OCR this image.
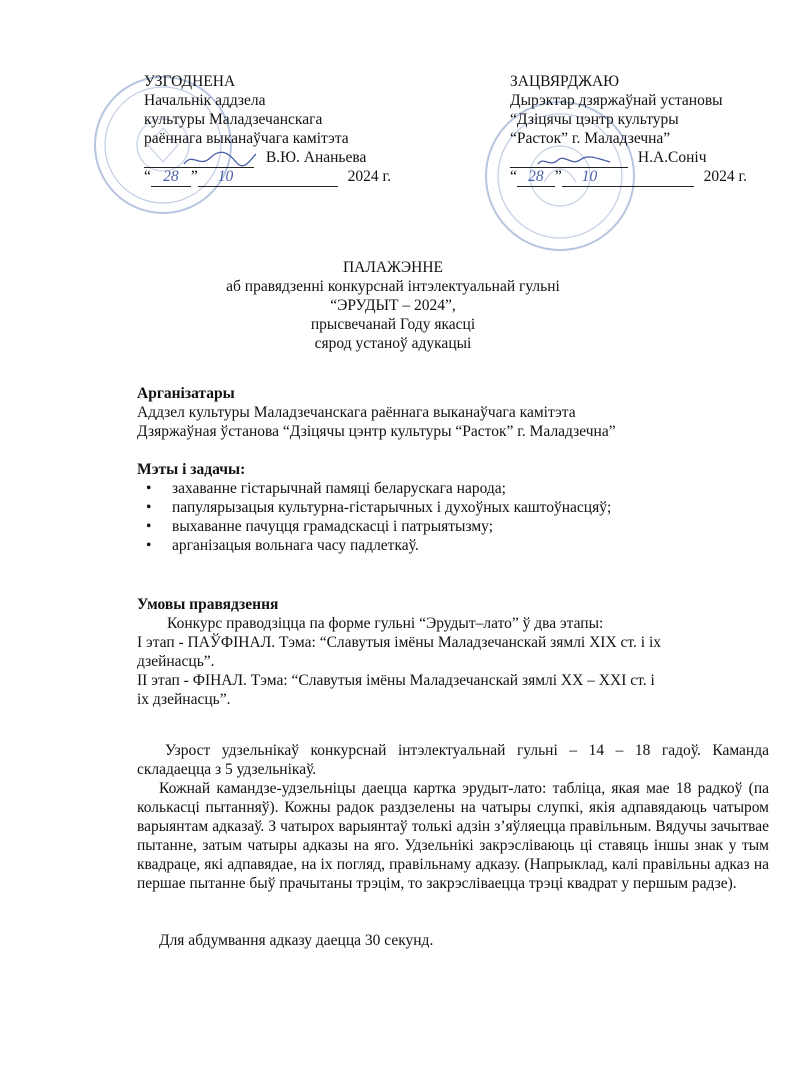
УЗГОДНЕНА
Начальнік аддзела
культуры Маладзечанскага
раённага выканаўчага камітэта
В.Ю. Ананьева
“ 28 ” 10	2024 г.
ЗАЦВЯРДЖАЮ
Дырэктар дзяржаўнай установы
“Дзіцячы цэнтр культуры
“Расток” г. Маладзечна”
Н.А.Соніч
“ 28 ” 10	2024 г.
ПАЛАЖЭННЕ
аб правядзенні конкурснай інтэлектуальнай гульні
“ЭРУДЫТ – 2024”,
прысвечанай Году якасці
сярод устаноў адукацыі
Арганізатары
Аддзел культуры Маладзечанскага раённага выканаўчага камітэта
Дзяржаўная ўстанова “Дзіцячы цэнтр культуры “Расток” г. Маладзечна”
Мэты і задачы:
• захаванне гістарычнай памяці беларускага народа;
• папулярызацыя культурна-гістарычных і духоўных каштоўнасцяў;
• выхаванне пачуцця грамадскасці і патрыятызму;
• арганізацыя вольнага часу падлеткаў.
Умовы правядзення
Конкурс праводзіцца па форме гульні “Эрудыт–лато” ў два этапы:
I этап - ПАЎФІНАЛ. Тэма: “Славутыя імёны Маладзечанскай зямлі ХІХ ст. і іх
дзейнасць”.
II этап - ФІНАЛ. Тэма: “Славутыя імёны Маладзечанскай зямлі ХХ – ХХІ ст. і
іх дзейнасць”.
Узрост удзельнікаў конкурснай інтэлектуальнай гульні – 14 – 18 гадоў. Каманда складаецца з 5 удзельнікаў.
Кожнай камандзе-удзельніцы даецца картка эрудыт-лато: табліца, якая мае 18 радкоў (па колькасці пытанняў). Кожны радок раздзелены на чатыры слупкі, якія адпавядаюць чатыром варыянтам адказаў. З чатырох варыянтаў толькі адзін з’яўляецца правільным. Вядучы зачытвае пытанне, затым чатыры адказы на яго. Удзельнікі закрэсліваюць ці ставяць іншы знак у тым квадраце, які адпавядае, на іх погляд, правільнаму адказу. (Напрыклад, калі правільны адказ на першае пытанне быў прачытаны трэцім, то закрэсліваецца трэці квадрат у першым радзе).
Для абдумвання адказу даецца 30 секунд.
